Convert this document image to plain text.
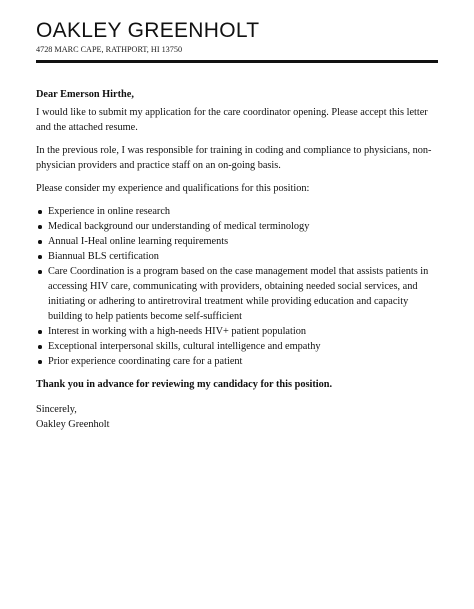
OAKLEY GREENHOLT
4728 MARC CAPE, RATHPORT, HI 13750
Dear Emerson Hirthe,

I would like to submit my application for the care coordinator opening. Please accept this letter and the attached resume.

In the previous role, I was responsible for training in coding and compliance to physicians, non-physician providers and practice staff on an on-going basis.

Please consider my experience and qualifications for this position:

Experience in online research
Medical background our understanding of medical terminology
Annual I-Heal online learning requirements
Biannual BLS certification
Care Coordination is a program based on the case management model that assists patients in accessing HIV care, communicating with providers, obtaining needed social services, and initiating or adhering to antiretroviral treatment while providing education and capacity building to help patients become self-sufficient
Interest in working with a high-needs HIV+ patient population
Exceptional interpersonal skills, cultural intelligence and empathy
Prior experience coordinating care for a patient
Thank you in advance for reviewing my candidacy for this position.
Sincerely,
Oakley Greenholt
